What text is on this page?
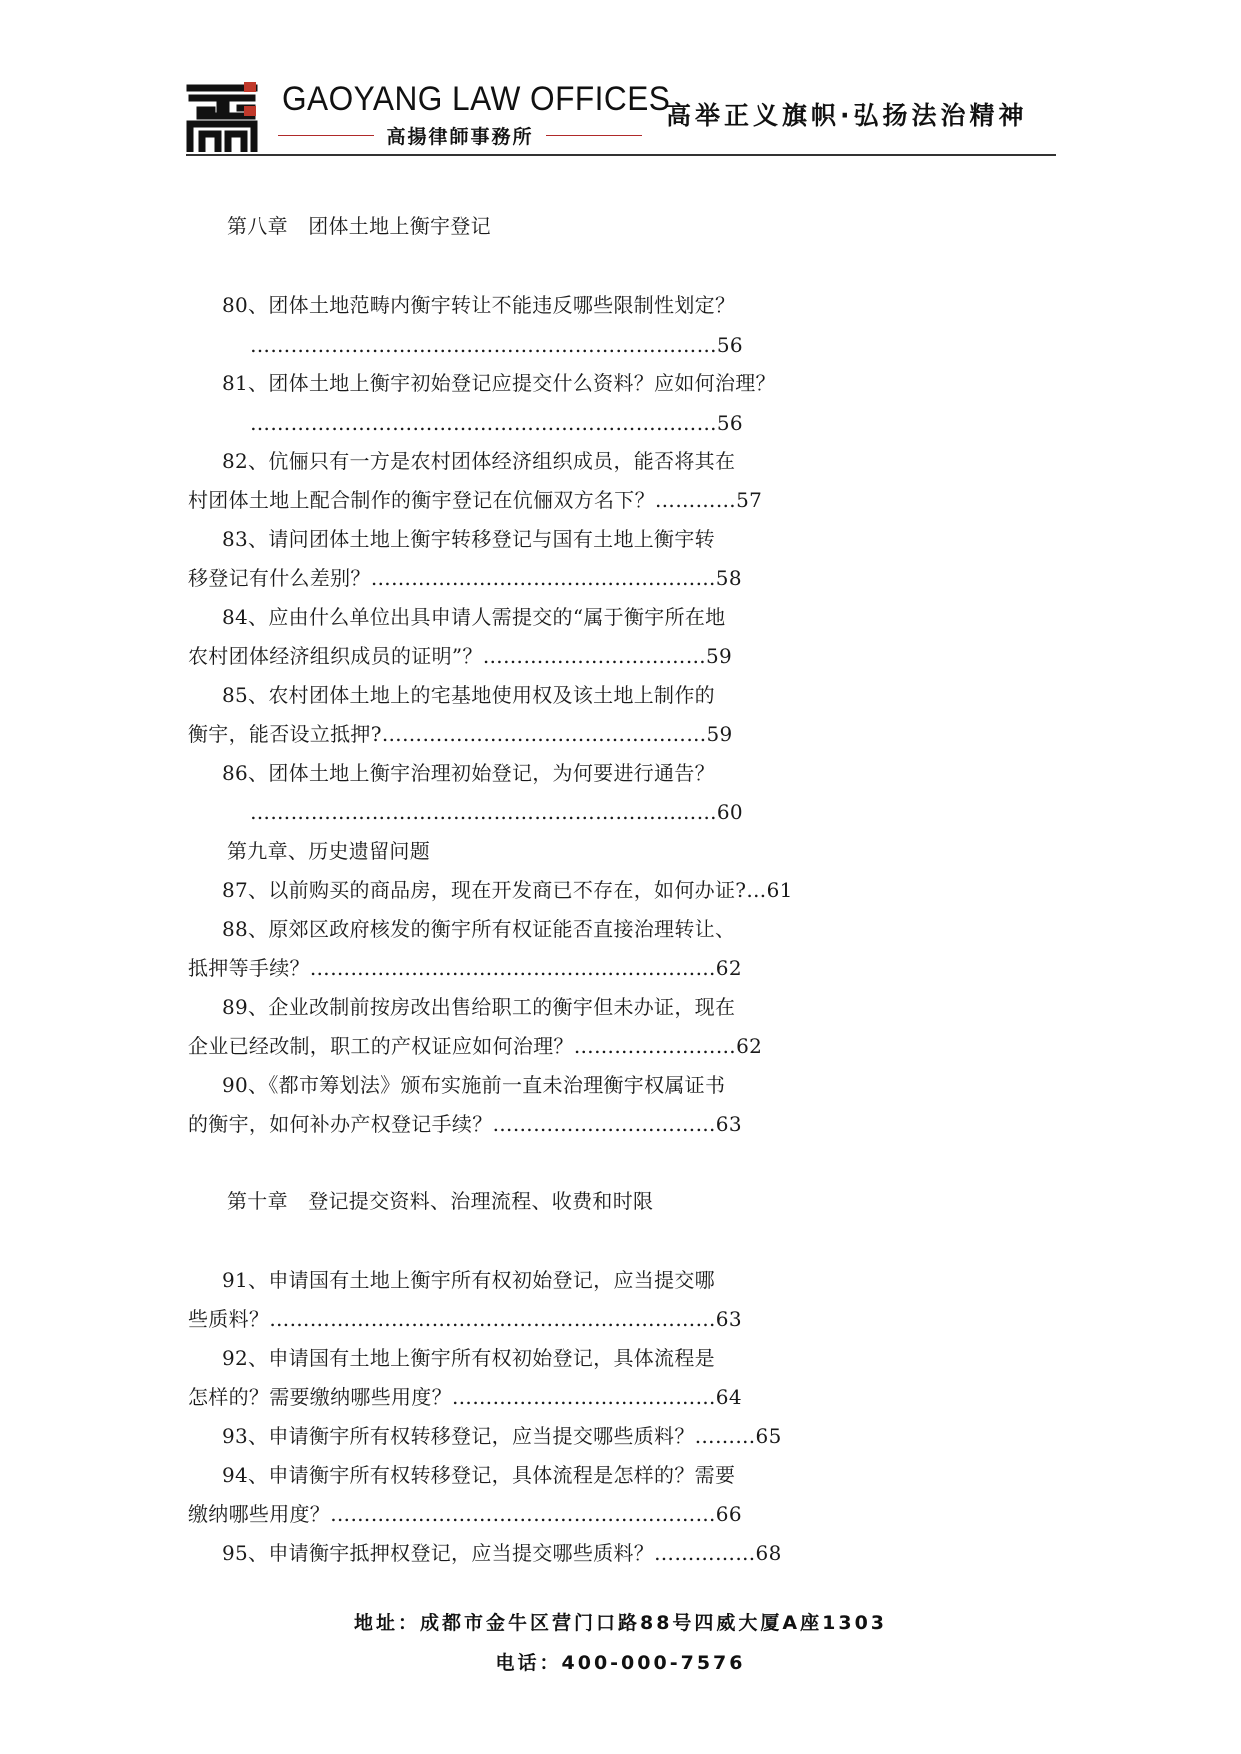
GAOYANG LAW OFFICES
高揚律師事務所
高举正义旗帜·弘扬法治精神
第八章　团体土地上衡宇登记
80、团体土地范畴内衡宇转让不能违反哪些限制性划定？
……………………………………………………………56
81、团体土地上衡宇初始登记应提交什么资料？应如何治理？
……………………………………………………………56
82、伉俪只有一方是农村团体经济组织成员，能否将其在
村团体土地上配合制作的衡宇登记在伉俪双方名下？…………57
83、请问团体土地上衡宇转移登记与国有土地上衡宇转
移登记有什么差别？……………………………………………58
84、应由什么单位出具申请人需提交的“属于衡宇所在地
农村团体经济组织成员的证明”？……………………………59
85、农村团体土地上的宅基地使用权及该土地上制作的
衡宇，能否设立抵押?…………………………………………59
86、团体土地上衡宇治理初始登记，为何要进行通告？
……………………………………………………………60
第九章、历史遗留问题
87、以前购买的商品房，现在开发商已不存在，如何办证?…61
88、原郊区政府核发的衡宇所有权证能否直接治理转让、
抵押等手续？……………………………………………………62
89、企业改制前按房改出售给职工的衡宇但未办证，现在
企业已经改制，职工的产权证应如何治理？……………………62
90、《都市筹划法》颁布实施前一直未治理衡宇权属证书
的衡宇，如何补办产权登记手续？……………………………63
第十章　登记提交资料、治理流程、收费和时限
91、申请国有土地上衡宇所有权初始登记，应当提交哪
些质料？…………………………………………………………63
92、申请国有土地上衡宇所有权初始登记，具体流程是
怎样的？需要缴纳哪些用度？…………………………………64
93、申请衡宇所有权转移登记，应当提交哪些质料？………65
94、申请衡宇所有权转移登记，具体流程是怎样的？需要
缴纳哪些用度？…………………………………………………66
95、申请衡宇抵押权登记，应当提交哪些质料？……………68
地址：成都市金牛区营门口路88号四威大厦A座1303
电话：400-000-7576
